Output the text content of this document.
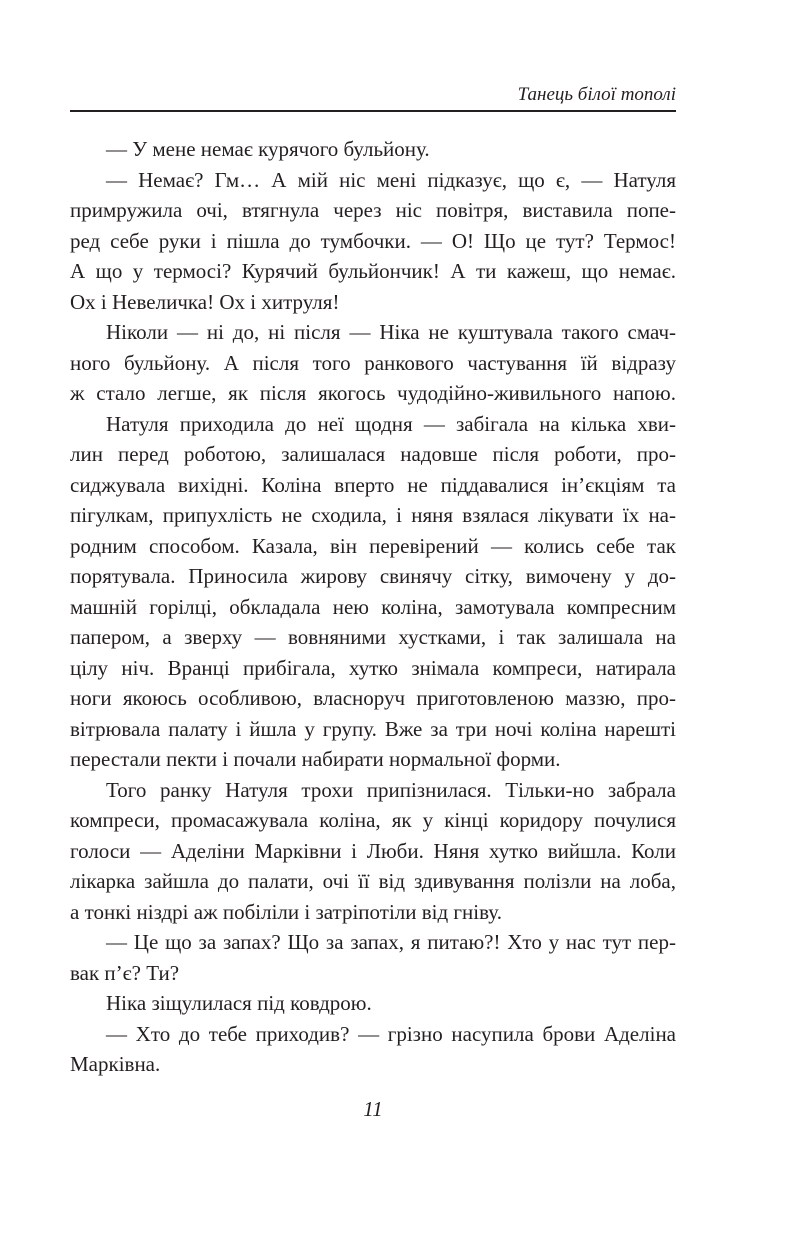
Танець білої тополі
— У мене немає курячого бульйону.
— Немає? Гм… А мій ніс мені підказує, що є, — Натуля
примружила очі, втягнула через ніс повітря, виставила попе-
ред себе руки і пішла до тумбочки. — О! Що це тут? Термос!
А що у термосі? Курячий бульйончик! А ти кажеш, що немає.
Ох і Невеличка! Ох і хитруля!
Ніколи — ні до, ні після — Ніка не куштувала такого смач-
ного бульйону. А після того ранкового частування їй відразу
ж стало легше, як після якогось чудодійно-живильного напою.
Натуля приходила до неї щодня — забігала на кілька хви-
лин перед роботою, залишалася надовше після роботи, про-
сиджувала вихідні. Коліна вперто не піддавалися ін’єкціям та
пігулкам, припухлість не сходила, і няня взялася лікувати їх на-
родним способом. Казала, він перевірений — колись себе так
порятувала. Приносила жирову свинячу сітку, вимочену у до-
машній горілці, обкладала нею коліна, замотувала компресним
папером, а зверху — вовняними хустками, і так залишала на
цілу ніч. Вранці прибігала, хутко знімала компреси, натирала
ноги якоюсь особливою, власноруч приготовленою маззю, про-
вітрювала палату і йшла у групу. Вже за три ночі коліна нарешті
перестали пекти і почали набирати нормальної форми.
Того ранку Натуля трохи припізнилася. Тільки-но забрала
компреси, промасажувала коліна, як у кінці коридору почулися
голоси — Аделіни Марківни і Люби. Няня хутко вийшла. Коли
лікарка зайшла до палати, очі її від здивування полізли на лоба,
а тонкі ніздрі аж побіліли і затріпотіли від гніву.
— Це що за запах? Що за запах, я питаю?! Хто у нас тут пер-
вак п’є? Ти?
Ніка зіщулилася під ковдрою.
— Хто до тебе приходив? — грізно насупила брови Аделіна
Марківна.
11
